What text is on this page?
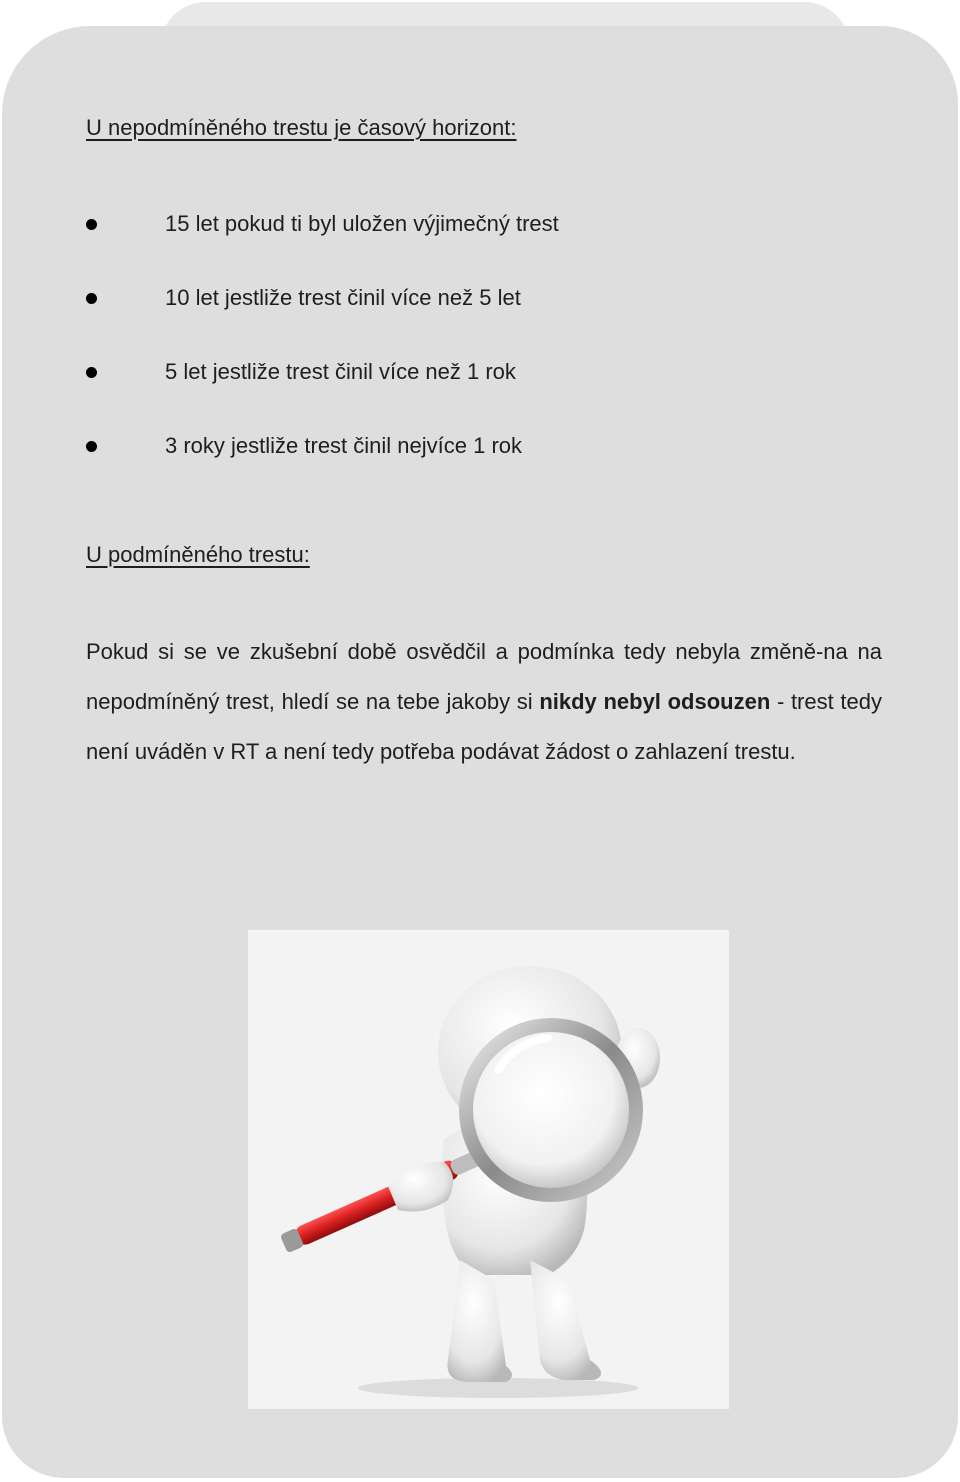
U nepodmíněného trestu je časový horizont:
15 let pokud ti byl uložen výjimečný trest
10 let jestliže trest činil více než 5 let
5 let jestliže trest činil více než 1 rok
3 roky jestliže trest činil nejvíce 1 rok
U podmíněného trestu:

Pokud si se ve zkušební době osvědčil a podmínka tedy nebyla změně-na na nepodmíněný trest, hledí se na tebe jakoby si nikdy nebyl odsouzen - trest tedy není uváděn v RT a není tedy potřeba podávat žádost o zahlazení trestu.
